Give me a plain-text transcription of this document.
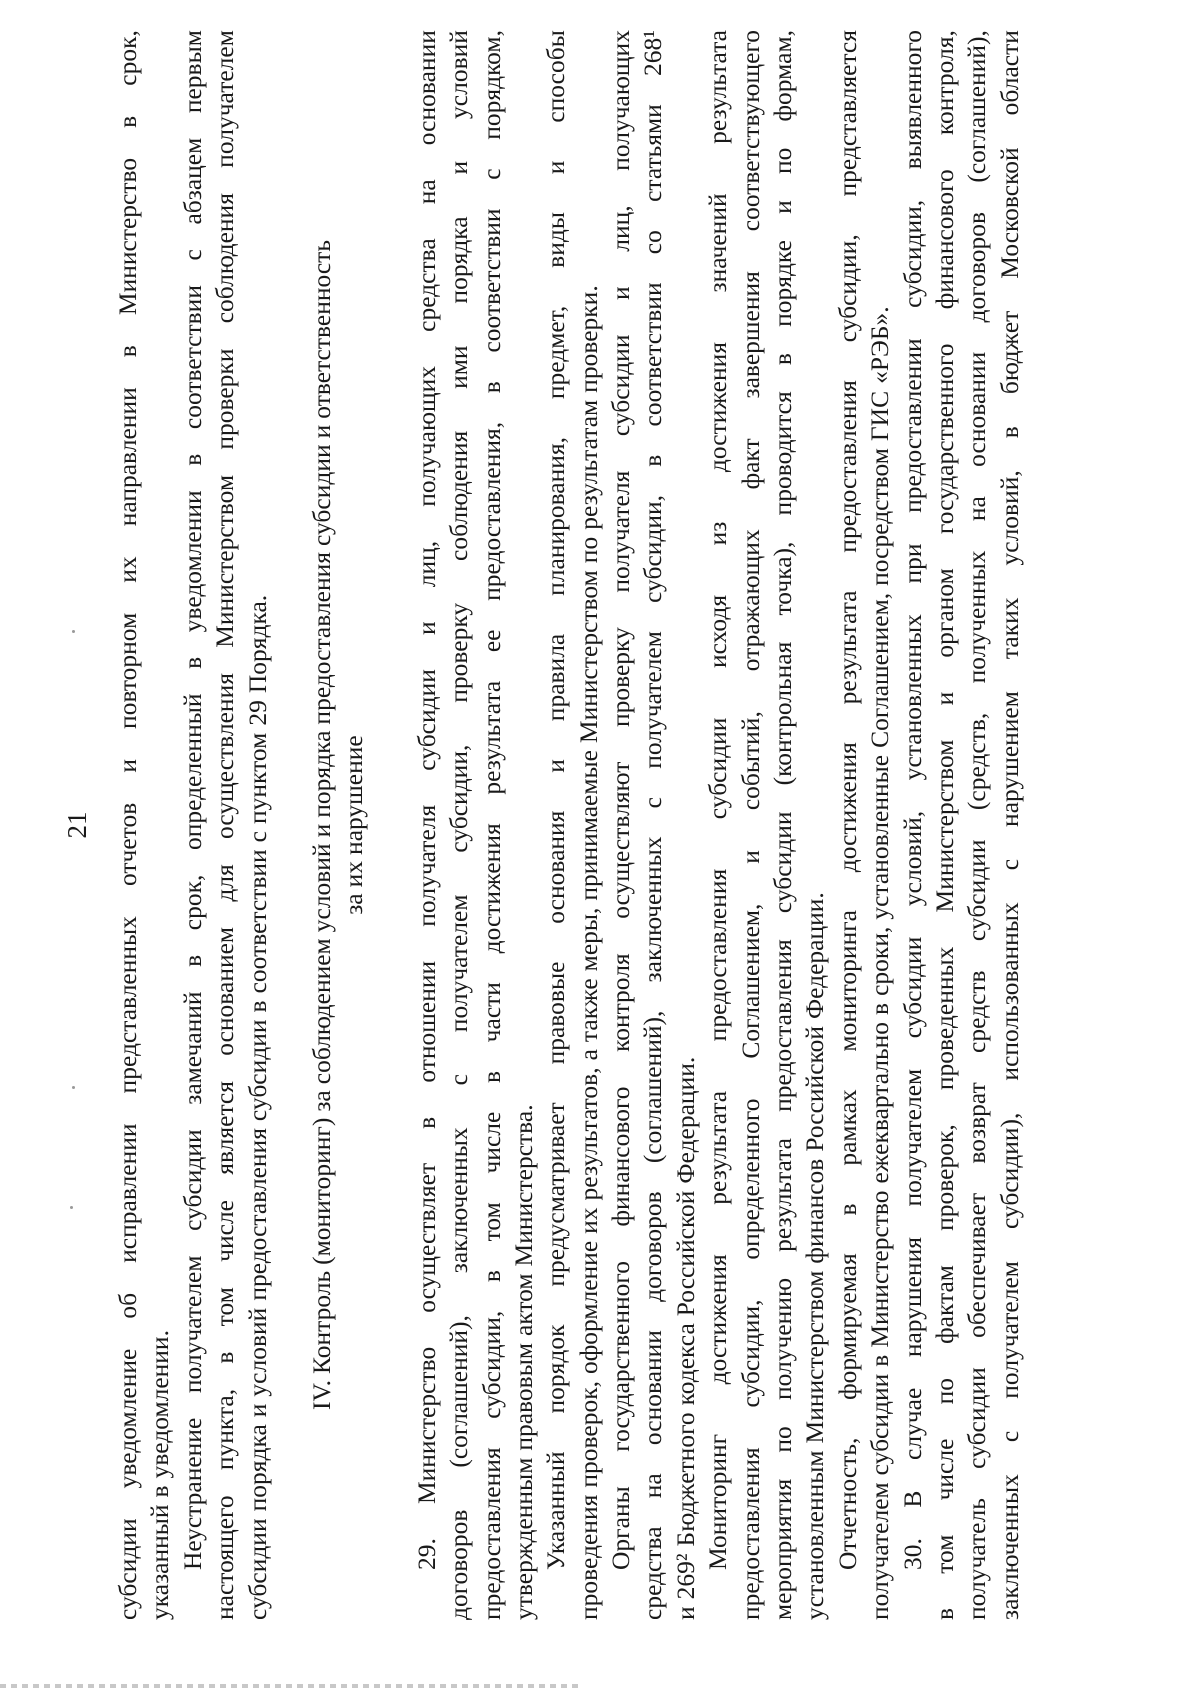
21
субсидии
уведомление
об
исправлении
представленных
отчетов
и
повторном
их
направлении
в
Министерство
в
срок,
указанный
в
уведомлении.
Неустранение
получателем
субсидии
замечаний
в
срок,
определенный
в
уведомлении
в
соответствии
с
абзацем
первым
настоящего
пункта,
в
том
числе
является
основанием
для
осуществления
Министерством
проверки
соблюдения
получателем
субсидии
порядка
и
условий
предоставления
субсидии
в
соответствии
с
пунктом
29
Порядка.
IV.
Контроль
(мониторинг)
за
соблюдением
условий
и
порядка
предоставления
субсидии
и
ответственность
за
их
нарушение
29.
Министерство
осуществляет
в
отношении
получателя
субсидии
и
лиц,
получающих
средства
на
основании
договоров
(соглашений),
заключенных
с
получателем
субсидии,
проверку
соблюдения
ими
порядка
и
условий
предоставления
субсидии,
в
том
числе
в
части
достижения
результата
ее
предоставления,
в
соответствии
с
порядком,
утвержденным
правовым
актом
Министерства.
Указанный
порядок
предусматривает
правовые
основания
и
правила
планирования,
предмет,
виды
и
способы
проведения
проверок,
оформление
их
результатов,
а
также
меры,
принимаемые
Министерством
по
результатам
проверки.
Органы
государственного
финансового
контроля
осуществляют
проверку
получателя
субсидии
и
лиц,
получающих
средства
на
основании
договоров
(соглашений),
заключенных
с
получателем
субсидии,
в
соответствии
со
статьями
268¹
и
269²
Бюджетного
кодекса
Российской
Федерации.
Мониторинг
достижения
результата
предоставления
субсидии
исходя
из
достижения
значений
результата
предоставления
субсидии,
определенного
Соглашением,
и
событий,
отражающих
факт
завершения
соответствующего
мероприятия
по
получению
результата
предоставления
субсидии
(контрольная
точка),
проводится
в
порядке
и
по
формам,
установленным
Министерством
финансов
Российской
Федерации.
Отчетность,
формируемая
в
рамках
мониторинга
достижения
результата
предоставления
субсидии,
представляется
получателем
субсидии
в
Министерство
ежеквартально
в
сроки,
установленные
Соглашением,
посредством
ГИС
«РЭБ».
30.
В
случае
нарушения
получателем
субсидии
условий,
установленных
при
предоставлении
субсидии,
выявленного
в
том
числе
по
фактам
проверок,
проведенных
Министерством
и
органом
государственного
финансового
контроля,
получатель
субсидии
обеспечивает
возврат
средств
субсидии
(средств,
полученных
на
основании
договоров
(соглашений),
заключенных
с
получателем
субсидии),
использованных
с
нарушением
таких
условий,
в
бюджет
Московской
области
